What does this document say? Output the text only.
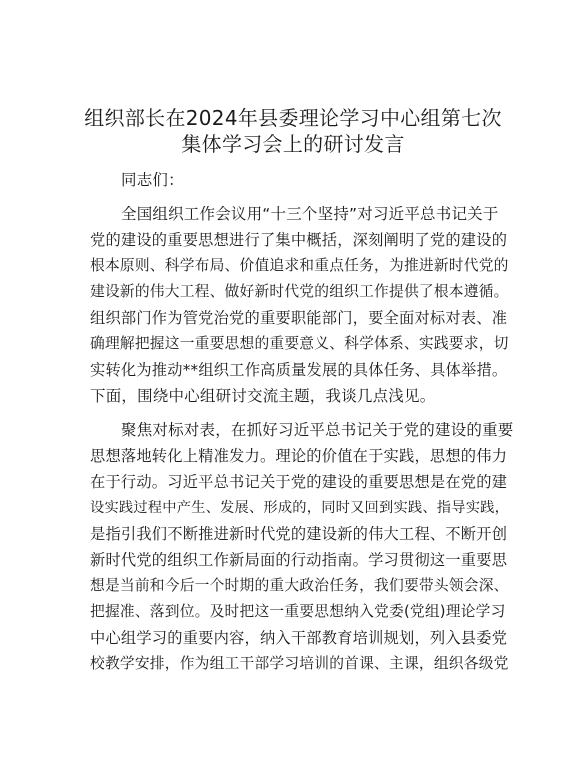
组织部长在2024年县委理论学习中心组第七次
集体学习会上的研讨发言
同志们：
全国组织工作会议用“十三个坚持”对习近平总书记关于
党的建设的重要思想进行了集中概括，深刻阐明了党的建设的
根本原则、科学布局、价值追求和重点任务，为推进新时代党的
建设新的伟大工程、做好新时代党的组织工作提供了根本遵循。
组织部门作为管党治党的重要职能部门，要全面对标对表、准
确理解把握这一重要思想的重要意义、科学体系、实践要求，切
实转化为推动**组织工作高质量发展的具体任务、具体举措。
下面，围绕中心组研讨交流主题，我谈几点浅见。
聚焦对标对表，在抓好习近平总书记关于党的建设的重要
思想落地转化上精准发力。理论的价值在于实践，思想的伟力
在于行动。习近平总书记关于党的建设的重要思想是在党的建
设实践过程中产生、发展、形成的，同时又回到实践、指导实践，
是指引我们不断推进新时代党的建设新的伟大工程、不断开创
新时代党的组织工作新局面的行动指南。学习贯彻这一重要思
想是当前和今后一个时期的重大政治任务，我们要带头领会深、
把握准、落到位。及时把这一重要思想纳入党委(党组)理论学习
中心组学习的重要内容，纳入干部教育培训规划，列入县委党
校教学安排，作为组工干部学习培训的首课、主课，组织各级党
